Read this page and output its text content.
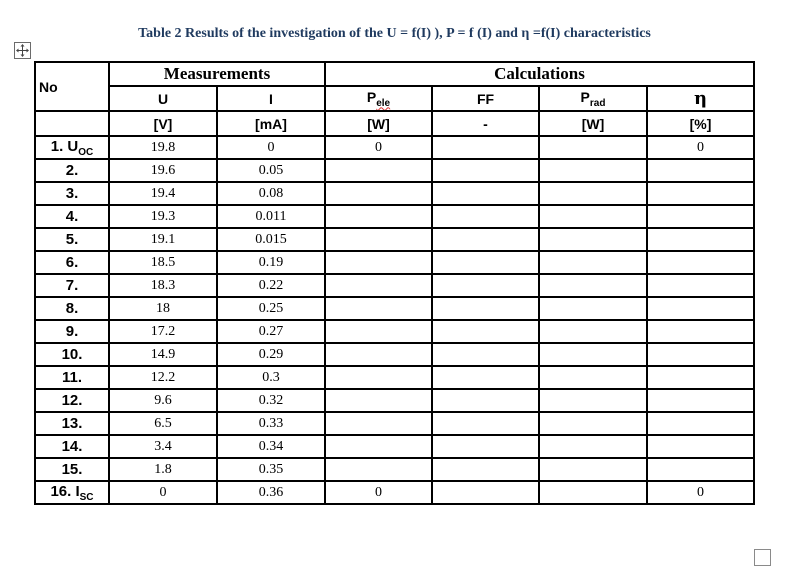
Table 2 Results of the investigation of the U = f(I) ), P = f (I) and η =f(I) characteristics
No	Measurements		Calculations			
	U	I	$P_{ele}$	FF	$P_{rad}$	η
	[V]	[mA]	[W]	-	[W]	[%]
1. $U_{OC}$	19.8	0	0			0
2.	19.6	0.05				
3.	19.4	0.08				
4.	19.3	0.011				
5.	19.1	0.015				
6.	18.5	0.19				
7.	18.3	0.22				
8.	18	0.25				
9.	17.2	0.27				
10.	14.9	0.29				
11.	12.2	0.3				
12.	9.6	0.32				
13.	6.5	0.33				
14.	3.4	0.34				
15.	1.8	0.35				
16. $I_{SC}$	0	0.36	0			0
